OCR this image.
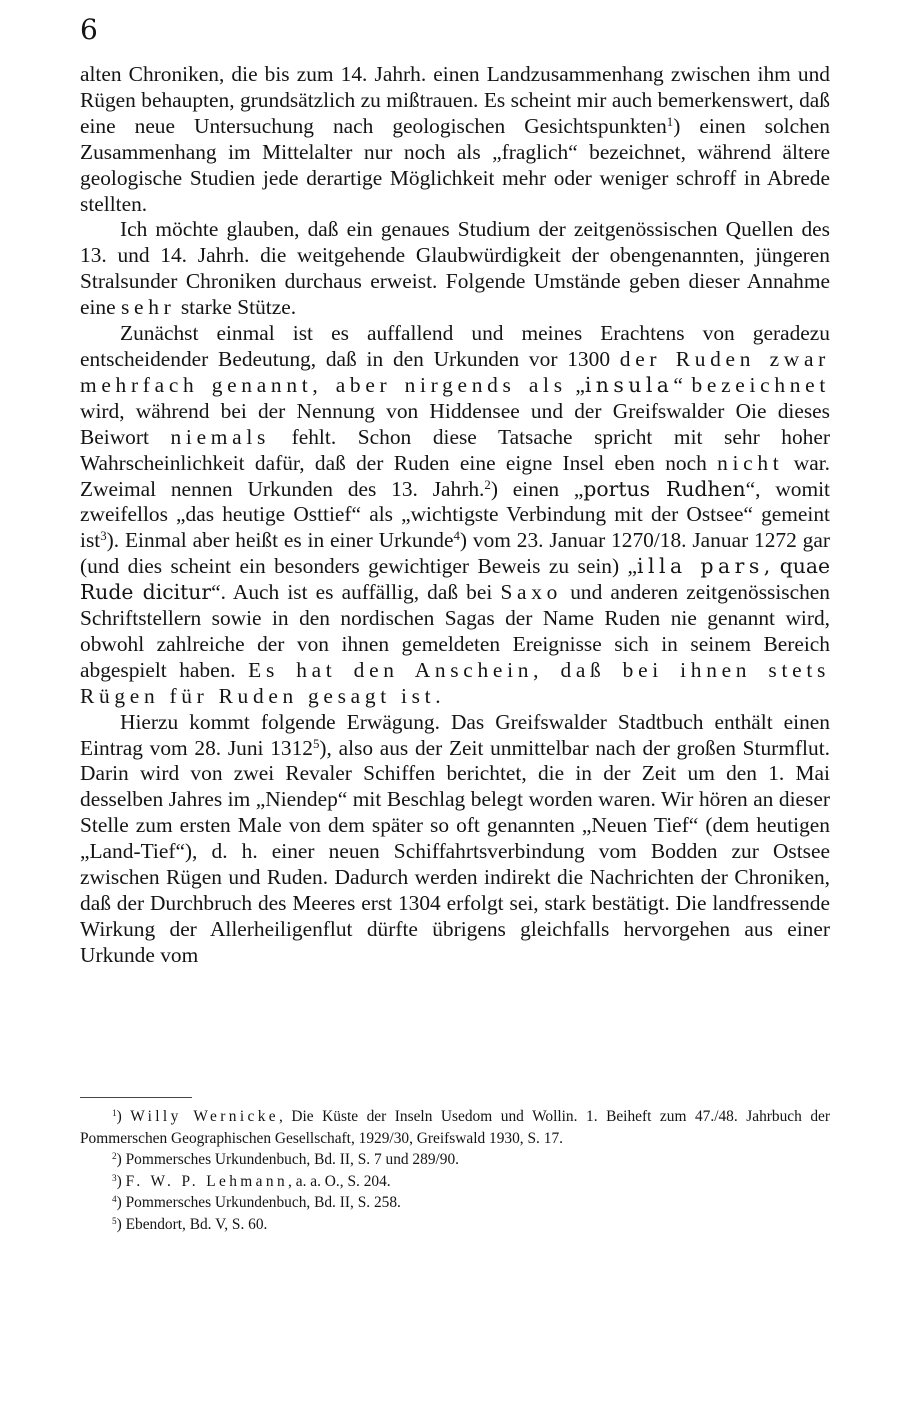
6

alten Chroniken, die bis zum 14. Jahrh. einen Landzusammenhang zwischen ihm und Rügen behaupten, grundsätzlich zu mißtrauen. Es scheint mir auch bemerkenswert, daß eine neue Untersuchung nach geologischen Gesichtspunkten$^1$) einen solchen Zusammenhang im Mittelalter nur noch als „fraglich“ bezeichnet, während ältere geologische Studien jede derartige Möglichkeit mehr oder weniger schroff in Abrede stellten.

Ich möchte glauben, daß ein genaues Studium der zeitgenössischen Quellen des 13. und 14. Jahrh. die weitgehende Glaubwürdigkeit der obengenannten, jüngeren Stralsunder Chroniken durchaus erweist. Folgende Umstände geben dieser Annahme eine sehr starke Stütze.

Zunächst einmal ist es auffallend und meines Erachtens von geradezu entscheidender Bedeutung, daß in den Urkunden vor 1300 der Ruden zwar mehrfach genannt, aber nirgends als „insula“ bezeichnet wird, während bei der Nennung von Hiddensee und der Greifswalder Oie dieses Beiwort niemals fehlt. Schon diese Tatsache spricht mit sehr hoher Wahrscheinlichkeit dafür, daß der Ruden eine eigne Insel eben noch nicht war. Zweimal nennen Urkunden des 13. Jahrh.$^2$) einen „portus Rudhen“, womit zweifellos „das heutige Osttief“ als „wichtigste Verbindung mit der Ostsee“ gemeint ist$^3$). Einmal aber heißt es in einer Urkunde$^4$) vom 23. Januar 1270/18. Januar 1272 gar (und dies scheint ein besonders gewichtiger Beweis zu sein) „illa pars, quae Rude dicitur“. Auch ist es auffällig, daß bei Saxo und anderen zeitgenössischen Schriftstellern sowie in den nordischen Sagas der Name Ruden nie genannt wird, obwohl zahlreiche der von ihnen gemeldeten Ereignisse sich in seinem Bereich abgespielt haben. Es hat den Anschein, daß bei ihnen stets Rügen für Ruden gesagt ist.

Hierzu kommt folgende Erwägung. Das Greifswalder Stadtbuch enthält einen Eintrag vom 28. Juni 1312$^5$), also aus der Zeit unmittelbar nach der großen Sturmflut. Darin wird von zwei Revaler Schiffen berichtet, die in der Zeit um den 1. Mai desselben Jahres im „Niendep“ mit Beschlag belegt worden waren. Wir hören an dieser Stelle zum ersten Male von dem später so oft genannten „Neuen Tief“ (dem heutigen „Land-Tief“), d. h. einer neuen Schiffahrtsverbindung vom Bodden zur Ostsee zwischen Rügen und Ruden. Dadurch werden indirekt die Nachrichten der Chroniken, daß der Durchbruch des Meeres erst 1304 erfolgt sei, stark bestätigt. Die landfressende Wirkung der Allerheiligenflut dürfte übrigens gleichfalls hervorgehen aus einer Urkunde vom

$^1$) Willy Wernicke, Die Küste der Inseln Usedom und Wollin. 1. Beiheft zum 47./48. Jahrbuch der Pommerschen Geographischen Gesellschaft, 1929/30, Greifswald 1930, S. 17.

$^2$) Pommersches Urkundenbuch, Bd. II, S. 7 und 289/90.

$^3$) F. W. P. Lehmann, a. a. O., S. 204.

$^4$) Pommersches Urkundenbuch, Bd. II, S. 258.

$^5$) Ebendort, Bd. V, S. 60.
